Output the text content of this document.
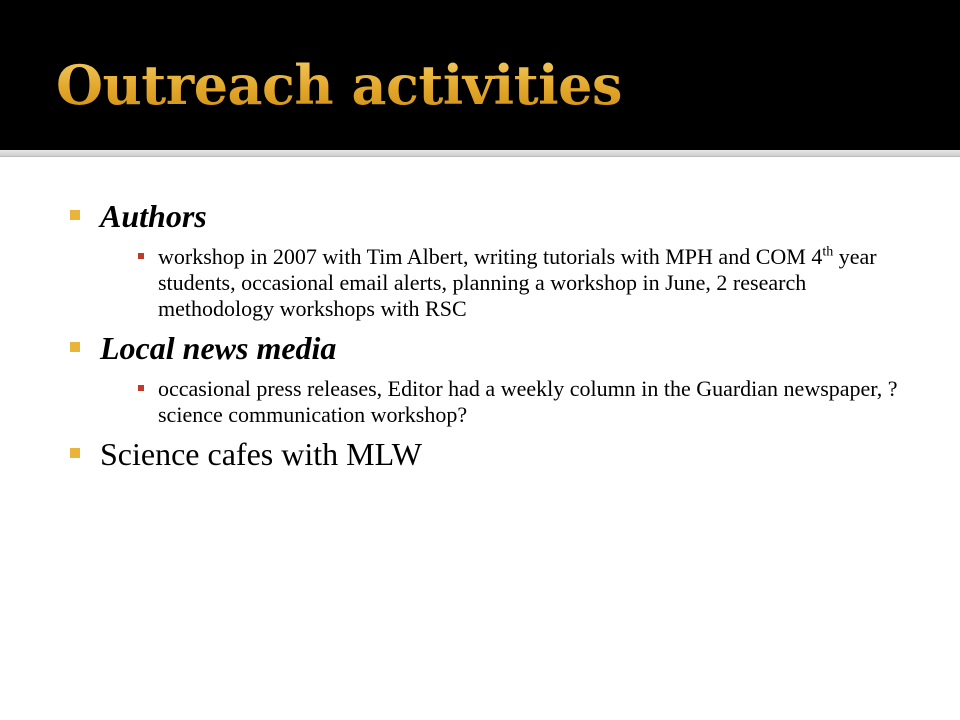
Outreach activities
Authors
workshop in 2007 with Tim Albert, writing tutorials with MPH and COM 4th year students, occasional email alerts, planning a workshop in June, 2 research methodology workshops with RSC
Local news media
occasional press releases, Editor had a weekly column in the Guardian newspaper, ?science communication workshop?
Science cafes with MLW
